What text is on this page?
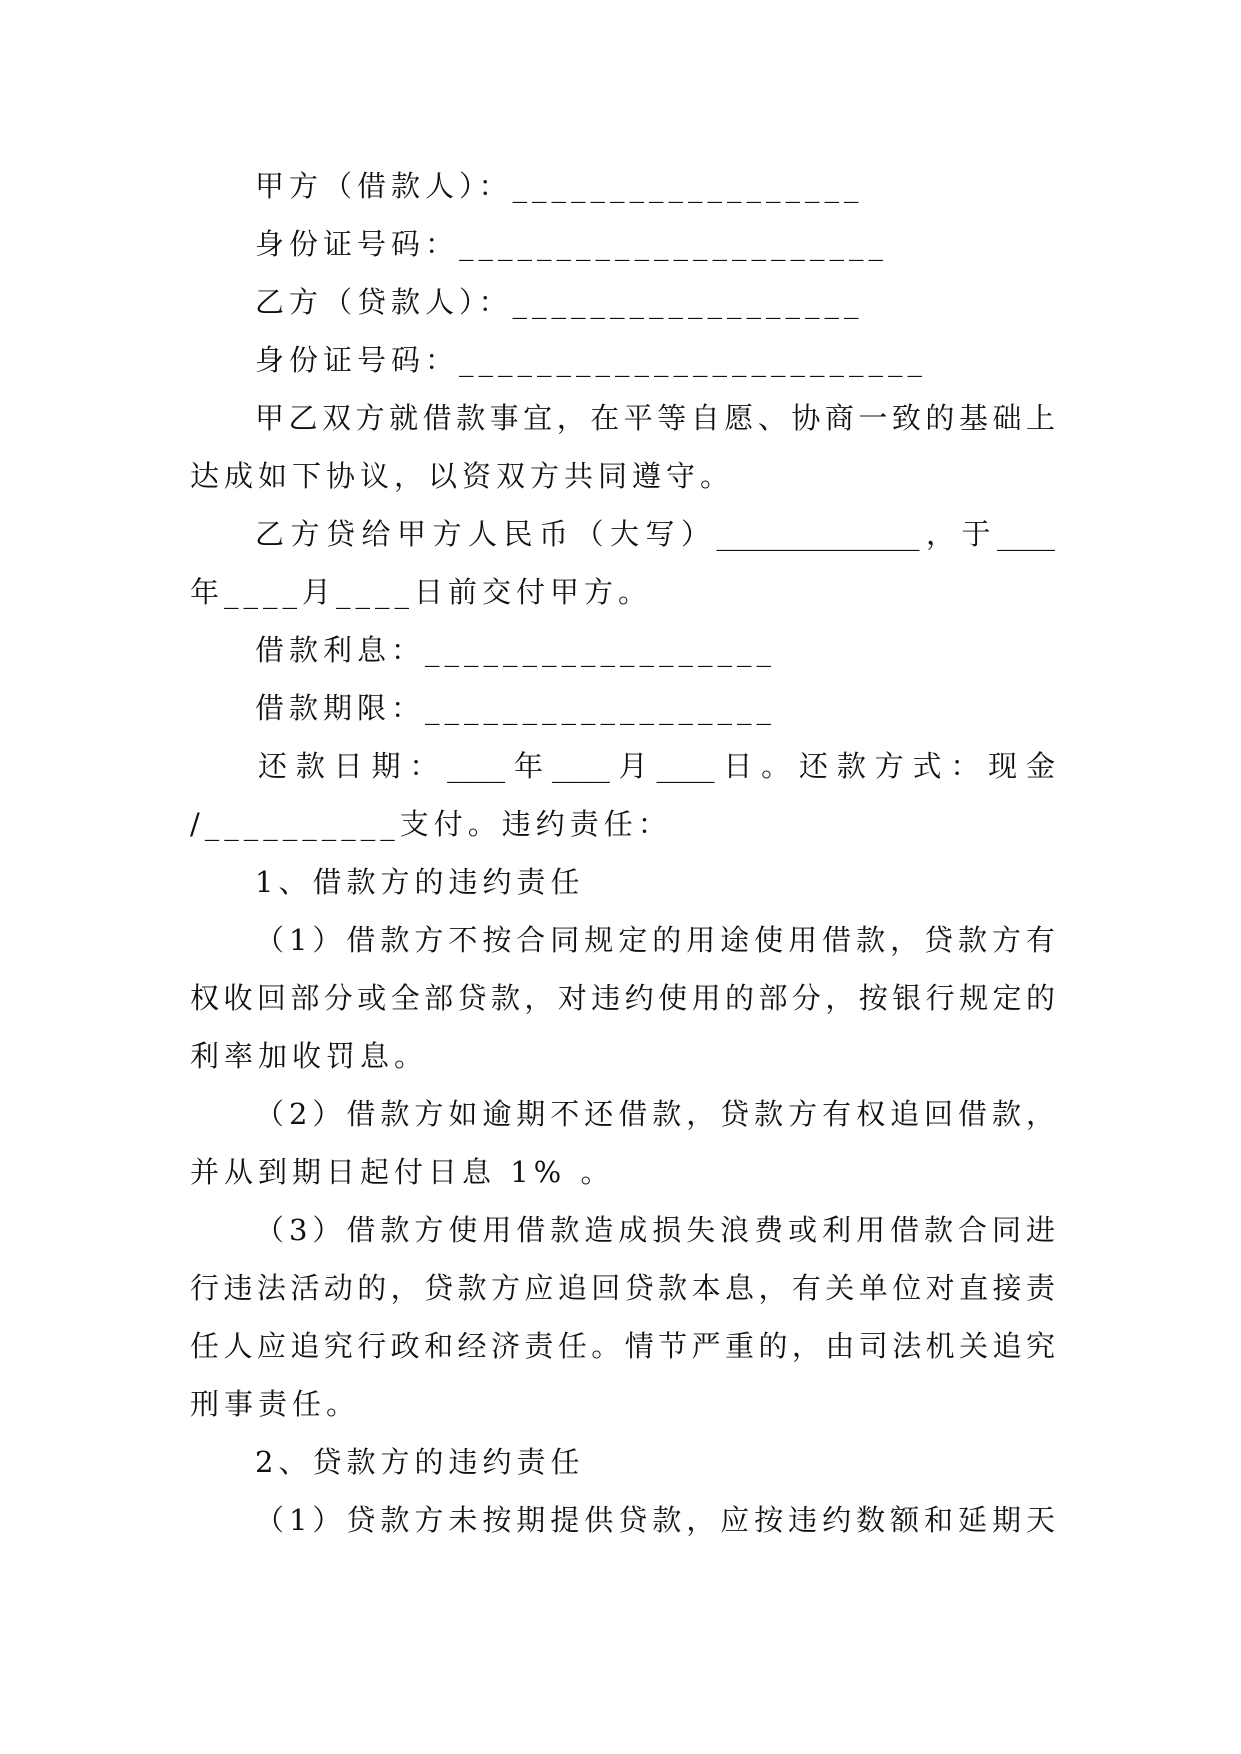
甲方（借款人）：__________________
身份证号码：______________________
乙方（贷款人）：__________________
身份证号码：________________________
甲乙双方就借款事宜，在平等自愿、协商一致的基础上
达成如下协议，以资双方共同遵守。
乙方贷给甲方人民币（大写）______________，于____
年____月____日前交付甲方。
借款利息：__________________
借款期限：__________________
还款日期：____年____月____日。还款方式：现金
/__________支付。违约责任：
1、借款方的违约责任
（1）借款方不按合同规定的用途使用借款，贷款方有
权收回部分或全部贷款，对违约使用的部分，按银行规定的
利率加收罚息。
（2）借款方如逾期不还借款，贷款方有权追回借款，
并从到期日起付日息 1% 。
（3）借款方使用借款造成损失浪费或利用借款合同进
行违法活动的，贷款方应追回贷款本息，有关单位对直接责
任人应追究行政和经济责任。情节严重的，由司法机关追究
刑事责任。
2、贷款方的违约责任
（1）贷款方未按期提供贷款，应按违约数额和延期天
